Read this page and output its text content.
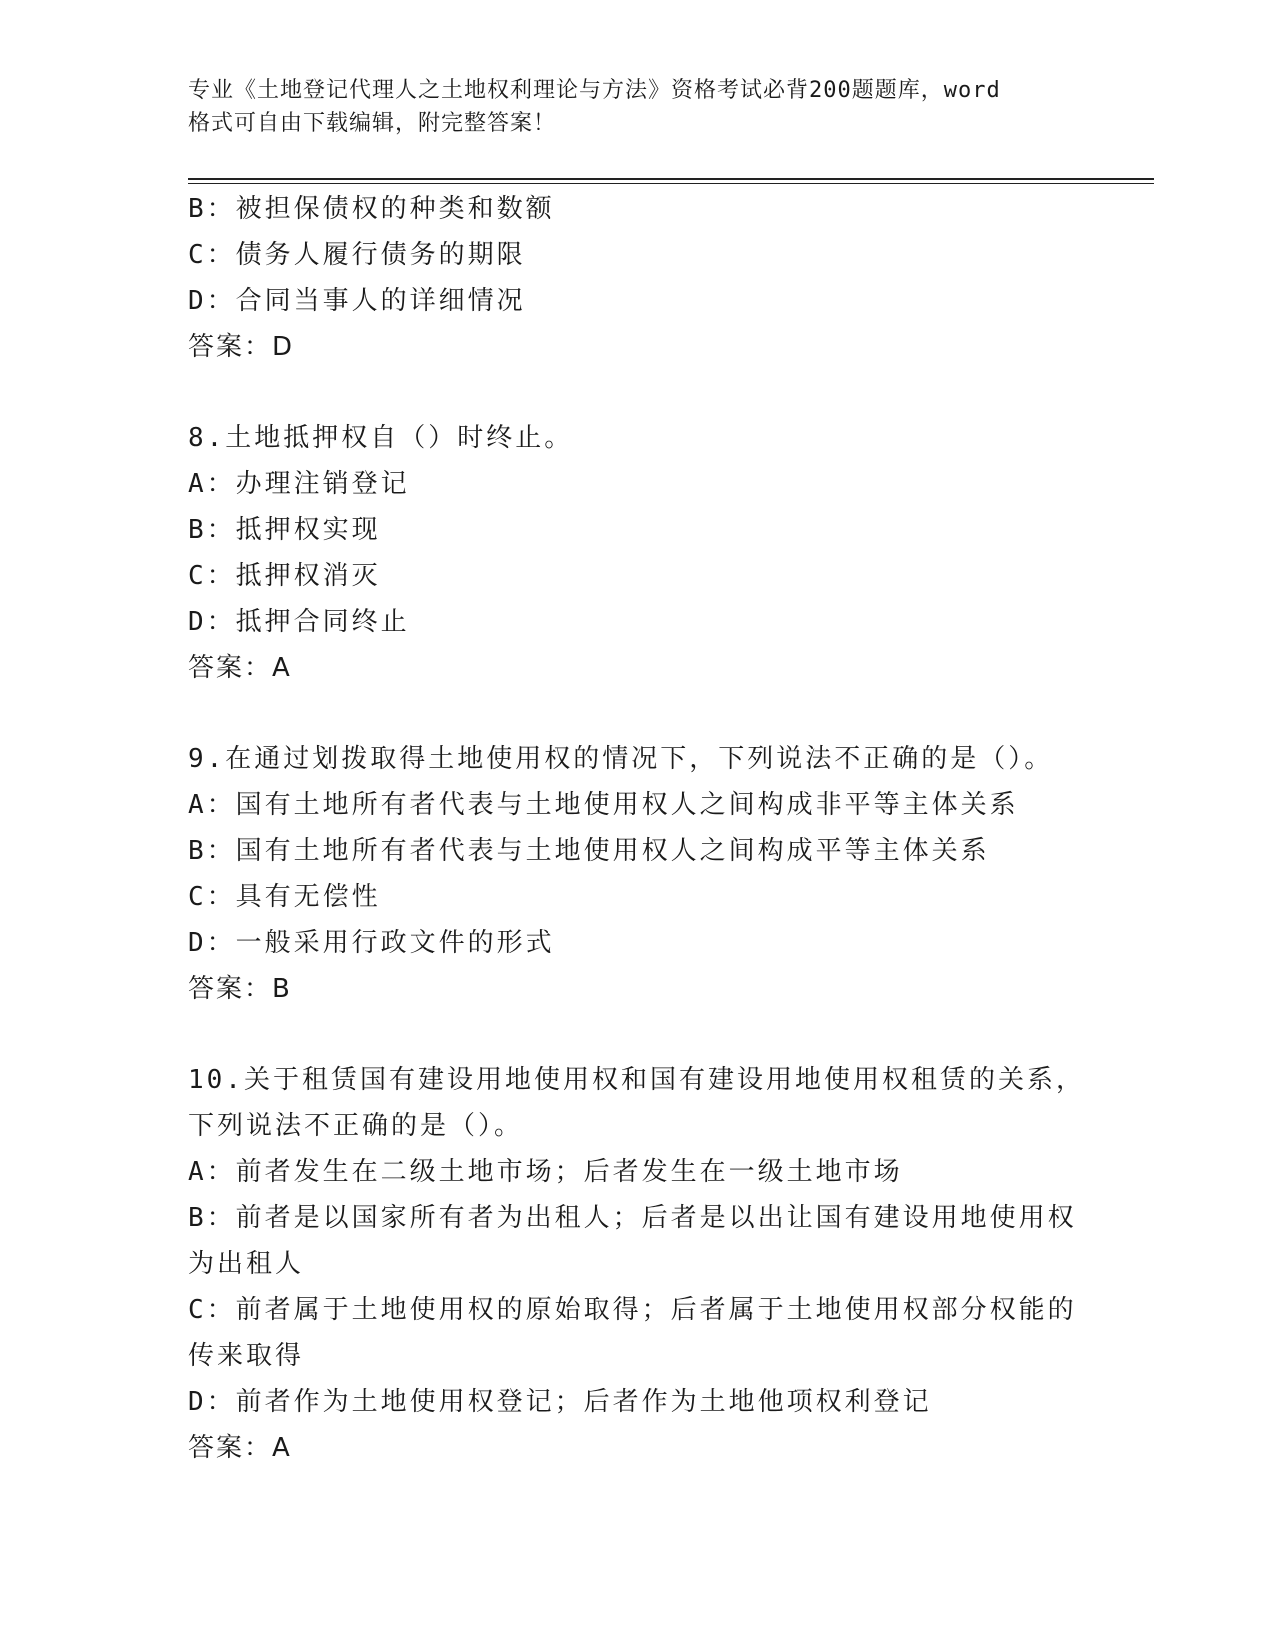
专业《土地登记代理人之土地权利理论与方法》资格考试必背200题题库，word
格式可自由下载编辑，附完整答案！
B：被担保债权的种类和数额
C：债务人履行债务的期限
D：合同当事人的详细情况
答案：D
8.土地抵押权自（）时终止。
A：办理注销登记
B：抵押权实现
C：抵押权消灭
D：抵押合同终止
答案：A
9.在通过划拨取得土地使用权的情况下，下列说法不正确的是（）。
A：国有土地所有者代表与土地使用权人之间构成非平等主体关系
B：国有土地所有者代表与土地使用权人之间构成平等主体关系
C：具有无偿性
D：一般采用行政文件的形式
答案：B
10.关于租赁国有建设用地使用权和国有建设用地使用权租赁的关系，
下列说法不正确的是（）。
A：前者发生在二级土地市场；后者发生在一级土地市场
B：前者是以国家所有者为出租人；后者是以出让国有建设用地使用权
为出租人
C：前者属于土地使用权的原始取得；后者属于土地使用权部分权能的
传来取得
D：前者作为土地使用权登记；后者作为土地他项权利登记
答案：A
